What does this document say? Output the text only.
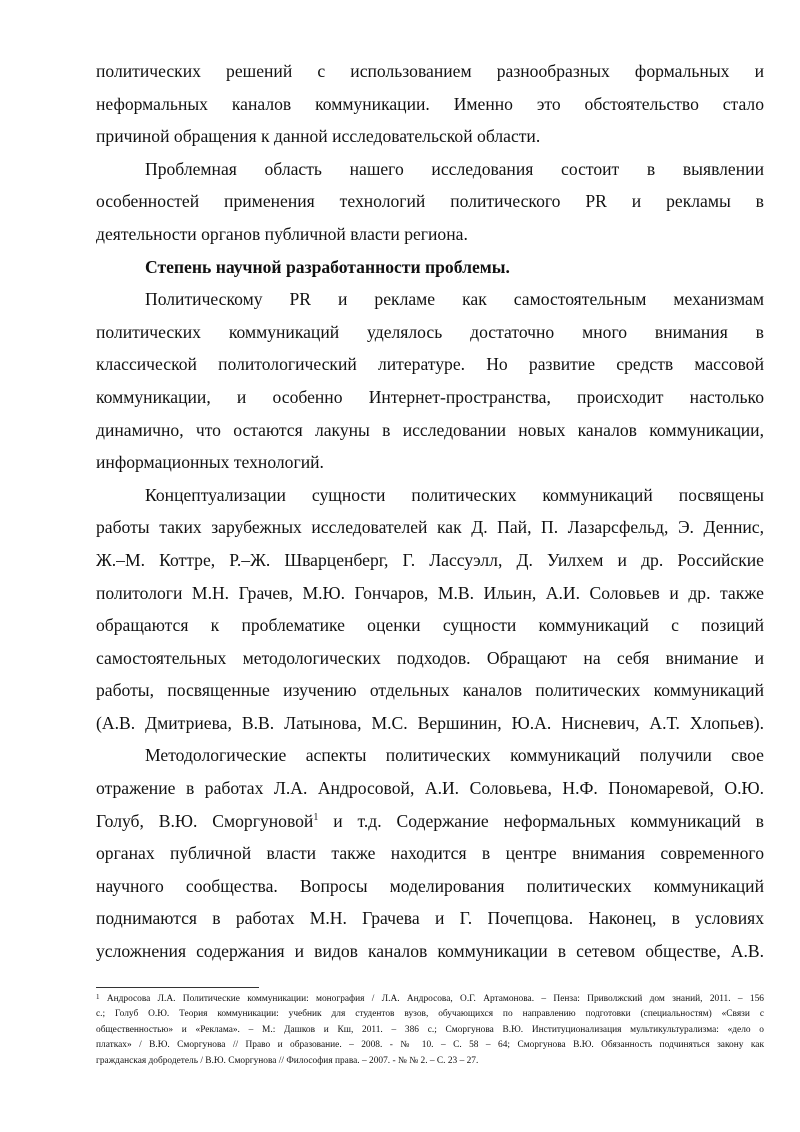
политических решений с использованием разнообразных формальных и
неформальных каналов коммуникации. Именно это обстоятельство стало
причиной обращения к данной исследовательской области.
Проблемная область нашего исследования состоит в выявлении
особенностей применения технологий политического PR и рекламы в
деятельности органов публичной власти региона.
Степень научной разработанности проблемы.
Политическому PR и рекламе как самостоятельным механизмам
политических коммуникаций уделялось достаточно много внимания в
классической политологический литературе. Но развитие средств массовой
коммуникации, и особенно Интернет-пространства, происходит настолько
динамично, что остаются лакуны в исследовании новых каналов коммуникации,
информационных технологий.
Концептуализации сущности политических коммуникаций посвящены
работы таких зарубежных исследователей как Д. Пай, П. Лазарсфельд, Э. Деннис,
Ж.–М. Коттре, Р.–Ж. Шварценберг, Г. Лассуэлл, Д. Уилхем и др. Российские
политологи М.Н. Грачев, М.Ю. Гончаров, М.В. Ильин, А.И. Соловьев и др. также
обращаются к проблематике оценки сущности коммуникаций с позиций
самостоятельных методологических подходов. Обращают на себя внимание и
работы, посвященные изучению отдельных каналов политических коммуникаций
(А.В. Дмитриева, В.В. Латынова, М.С. Вершинин, Ю.А. Нисневич, А.Т. Хлопьев).
Методологические аспекты политических коммуникаций получили свое
отражение в работах Л.А. Андросовой, А.И. Соловьева, Н.Ф. Пономаревой, О.Ю.
Голуб, В.Ю. Сморгуновой$^1$ и т.д. Содержание неформальных коммуникаций в
органах публичной власти также находится в центре внимания современного
научного сообщества. Вопросы моделирования политических коммуникаций
поднимаются в работах М.Н. Грачева и Г. Почепцова. Наконец, в условиях
усложнения содержания и видов каналов коммуникации в сетевом обществе, А.В.
$^1$ Андросова Л.А. Политические коммуникации: монография / Л.А. Андросова, О.Г. Артамонова. – Пенза: Приволжский дом знаний, 2011. – 156
с.; Голуб О.Ю. Теория коммуникации: учебник для студентов вузов, обучающихся по направлению подготовки (специальностям) «Связи с
общественностью» и «Реклама». – М.: Дашков и Кш, 2011. – 386 с.; Сморгунова В.Ю. Институционализация мультикультурализма: «дело о
платках» / В.Ю. Сморгунова // Право и образование. – 2008. - № 10. – С. 58 – 64; Сморгунова В.Ю. Обязанность подчиняться закону как
гражданская добродетель / В.Ю. Сморгунова // Философия права. – 2007. - № № 2. – С. 23 – 27.
